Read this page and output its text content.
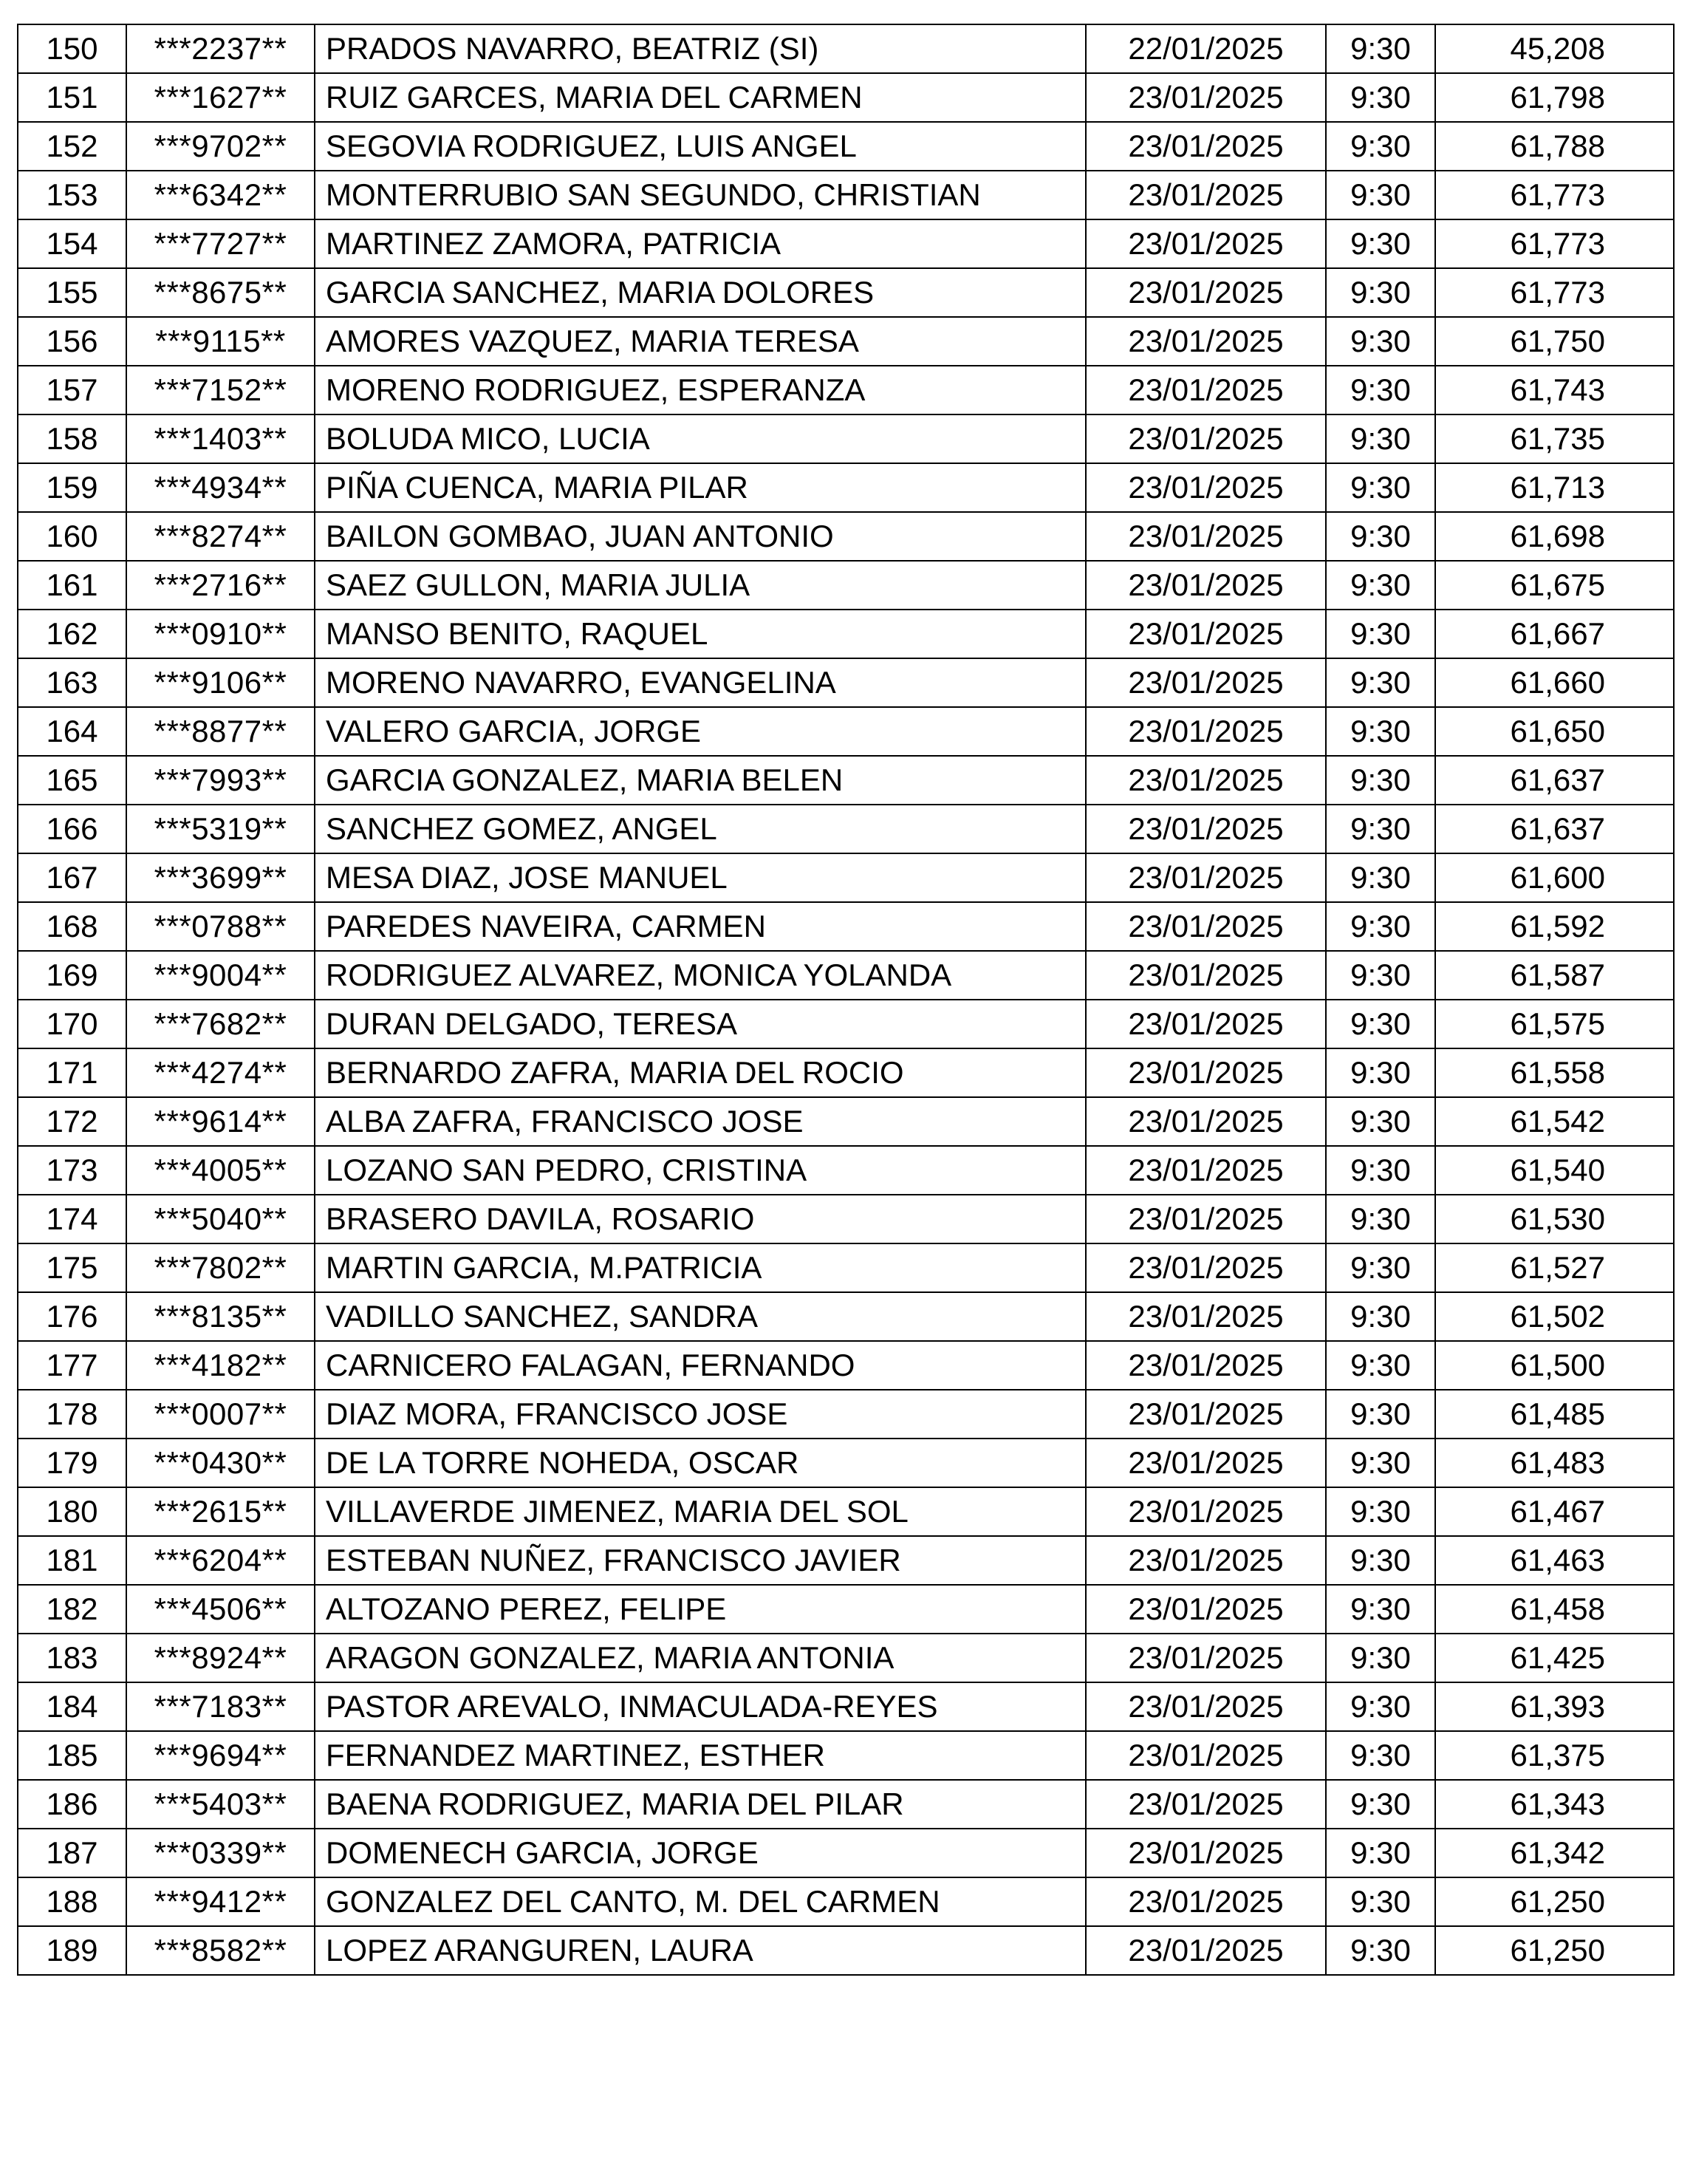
150	***2237**	PRADOS NAVARRO, BEATRIZ (SI)	22/01/2025	9:30	45,208
151	***1627**	RUIZ GARCES, MARIA DEL CARMEN	23/01/2025	9:30	61,798
152	***9702**	SEGOVIA RODRIGUEZ, LUIS ANGEL	23/01/2025	9:30	61,788
153	***6342**	MONTERRUBIO SAN SEGUNDO, CHRISTIAN	23/01/2025	9:30	61,773
154	***7727**	MARTINEZ ZAMORA, PATRICIA	23/01/2025	9:30	61,773
155	***8675**	GARCIA SANCHEZ, MARIA DOLORES	23/01/2025	9:30	61,773
156	***9115**	AMORES VAZQUEZ, MARIA TERESA	23/01/2025	9:30	61,750
157	***7152**	MORENO RODRIGUEZ, ESPERANZA	23/01/2025	9:30	61,743
158	***1403**	BOLUDA MICO, LUCIA	23/01/2025	9:30	61,735
159	***4934**	PIÑA CUENCA, MARIA PILAR	23/01/2025	9:30	61,713
160	***8274**	BAILON GOMBAO, JUAN ANTONIO	23/01/2025	9:30	61,698
161	***2716**	SAEZ GULLON, MARIA JULIA	23/01/2025	9:30	61,675
162	***0910**	MANSO BENITO, RAQUEL	23/01/2025	9:30	61,667
163	***9106**	MORENO NAVARRO, EVANGELINA	23/01/2025	9:30	61,660
164	***8877**	VALERO GARCIA, JORGE	23/01/2025	9:30	61,650
165	***7993**	GARCIA GONZALEZ, MARIA BELEN	23/01/2025	9:30	61,637
166	***5319**	SANCHEZ GOMEZ, ANGEL	23/01/2025	9:30	61,637
167	***3699**	MESA DIAZ, JOSE MANUEL	23/01/2025	9:30	61,600
168	***0788**	PAREDES NAVEIRA, CARMEN	23/01/2025	9:30	61,592
169	***9004**	RODRIGUEZ ALVAREZ, MONICA YOLANDA	23/01/2025	9:30	61,587
170	***7682**	DURAN DELGADO, TERESA	23/01/2025	9:30	61,575
171	***4274**	BERNARDO ZAFRA, MARIA DEL ROCIO	23/01/2025	9:30	61,558
172	***9614**	ALBA ZAFRA, FRANCISCO JOSE	23/01/2025	9:30	61,542
173	***4005**	LOZANO SAN PEDRO, CRISTINA	23/01/2025	9:30	61,540
174	***5040**	BRASERO DAVILA, ROSARIO	23/01/2025	9:30	61,530
175	***7802**	MARTIN GARCIA, M.PATRICIA	23/01/2025	9:30	61,527
176	***8135**	VADILLO SANCHEZ, SANDRA	23/01/2025	9:30	61,502
177	***4182**	CARNICERO FALAGAN, FERNANDO	23/01/2025	9:30	61,500
178	***0007**	DIAZ MORA, FRANCISCO JOSE	23/01/2025	9:30	61,485
179	***0430**	DE LA TORRE NOHEDA, OSCAR	23/01/2025	9:30	61,483
180	***2615**	VILLAVERDE JIMENEZ, MARIA DEL SOL	23/01/2025	9:30	61,467
181	***6204**	ESTEBAN NUÑEZ, FRANCISCO JAVIER	23/01/2025	9:30	61,463
182	***4506**	ALTOZANO PEREZ, FELIPE	23/01/2025	9:30	61,458
183	***8924**	ARAGON GONZALEZ, MARIA ANTONIA	23/01/2025	9:30	61,425
184	***7183**	PASTOR AREVALO, INMACULADA-REYES	23/01/2025	9:30	61,393
185	***9694**	FERNANDEZ MARTINEZ, ESTHER	23/01/2025	9:30	61,375
186	***5403**	BAENA RODRIGUEZ, MARIA DEL PILAR	23/01/2025	9:30	61,343
187	***0339**	DOMENECH GARCIA, JORGE	23/01/2025	9:30	61,342
188	***9412**	GONZALEZ DEL CANTO, M. DEL CARMEN	23/01/2025	9:30	61,250
189	***8582**	LOPEZ ARANGUREN, LAURA	23/01/2025	9:30	61,250
